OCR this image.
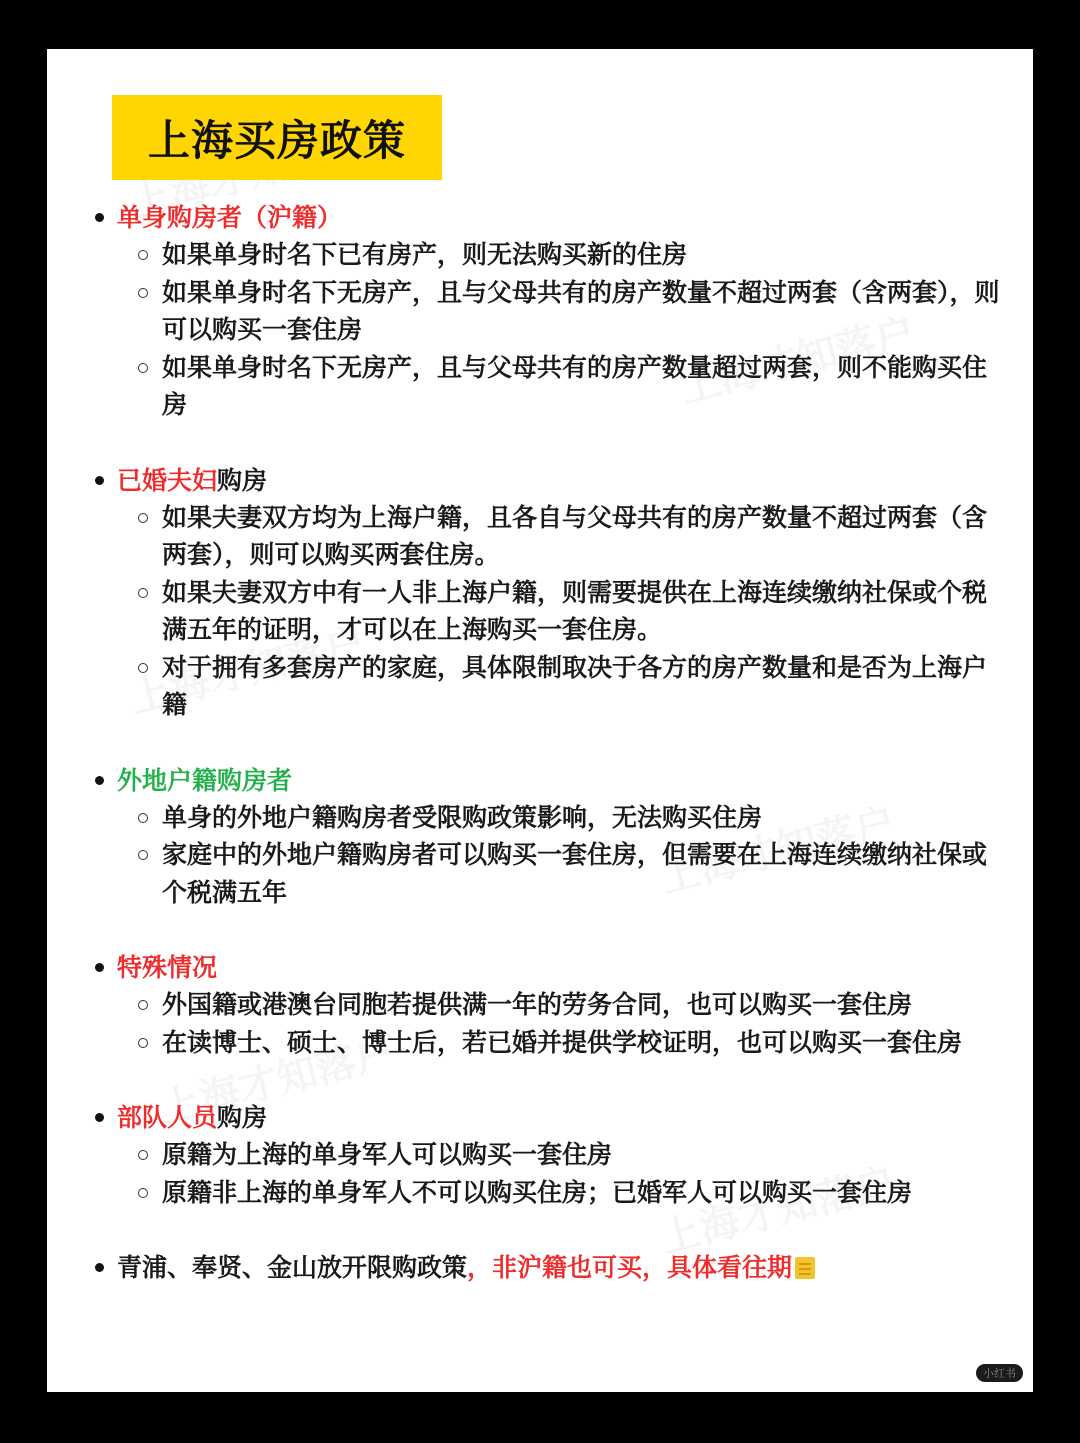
上海买房政策
单身购房者（沪籍）
如果单身时名下已有房产，则无法购买新的住房
如果单身时名下无房产，且与父母共有的房产数量不超过两套（含两套），则可以购买一套住房
如果单身时名下无房产，且与父母共有的房产数量超过两套，则不能购买住房
已婚夫妇 购房
如果夫妻双方均为上海户籍，且各自与父母共有的房产数量不超过两套（含两套），则可以购买两套住房。
如果夫妻双方中有一人非上海户籍，则需要提供在上海连续缴纳社保或个税满五年的证明，才可以在上海购买一套住房。
对于拥有多套房产的家庭，具体限制取决于各方的房产数量和是否为上海户籍
外地户籍购房者
单身的外地户籍购房者受限购政策影响，无法购买住房
家庭中的外地户籍购房者可以购买一套住房，但需要在上海连续缴纳社保或个税满五年
特殊情况
外国籍或港澳台同胞若提供满一年的劳务合同，也可以购买一套住房
在读博士、硕士、博士后，若已婚并提供学校证明，也可以购买一套住房
部队人员 购房
原籍为上海的单身军人可以购买一套住房
原籍非上海的单身军人不可以购买住房；已婚军人可以购买一套住房
青浦、奉贤、金山放开限购政策 ，非沪籍也可买，具体看往期
小红书
